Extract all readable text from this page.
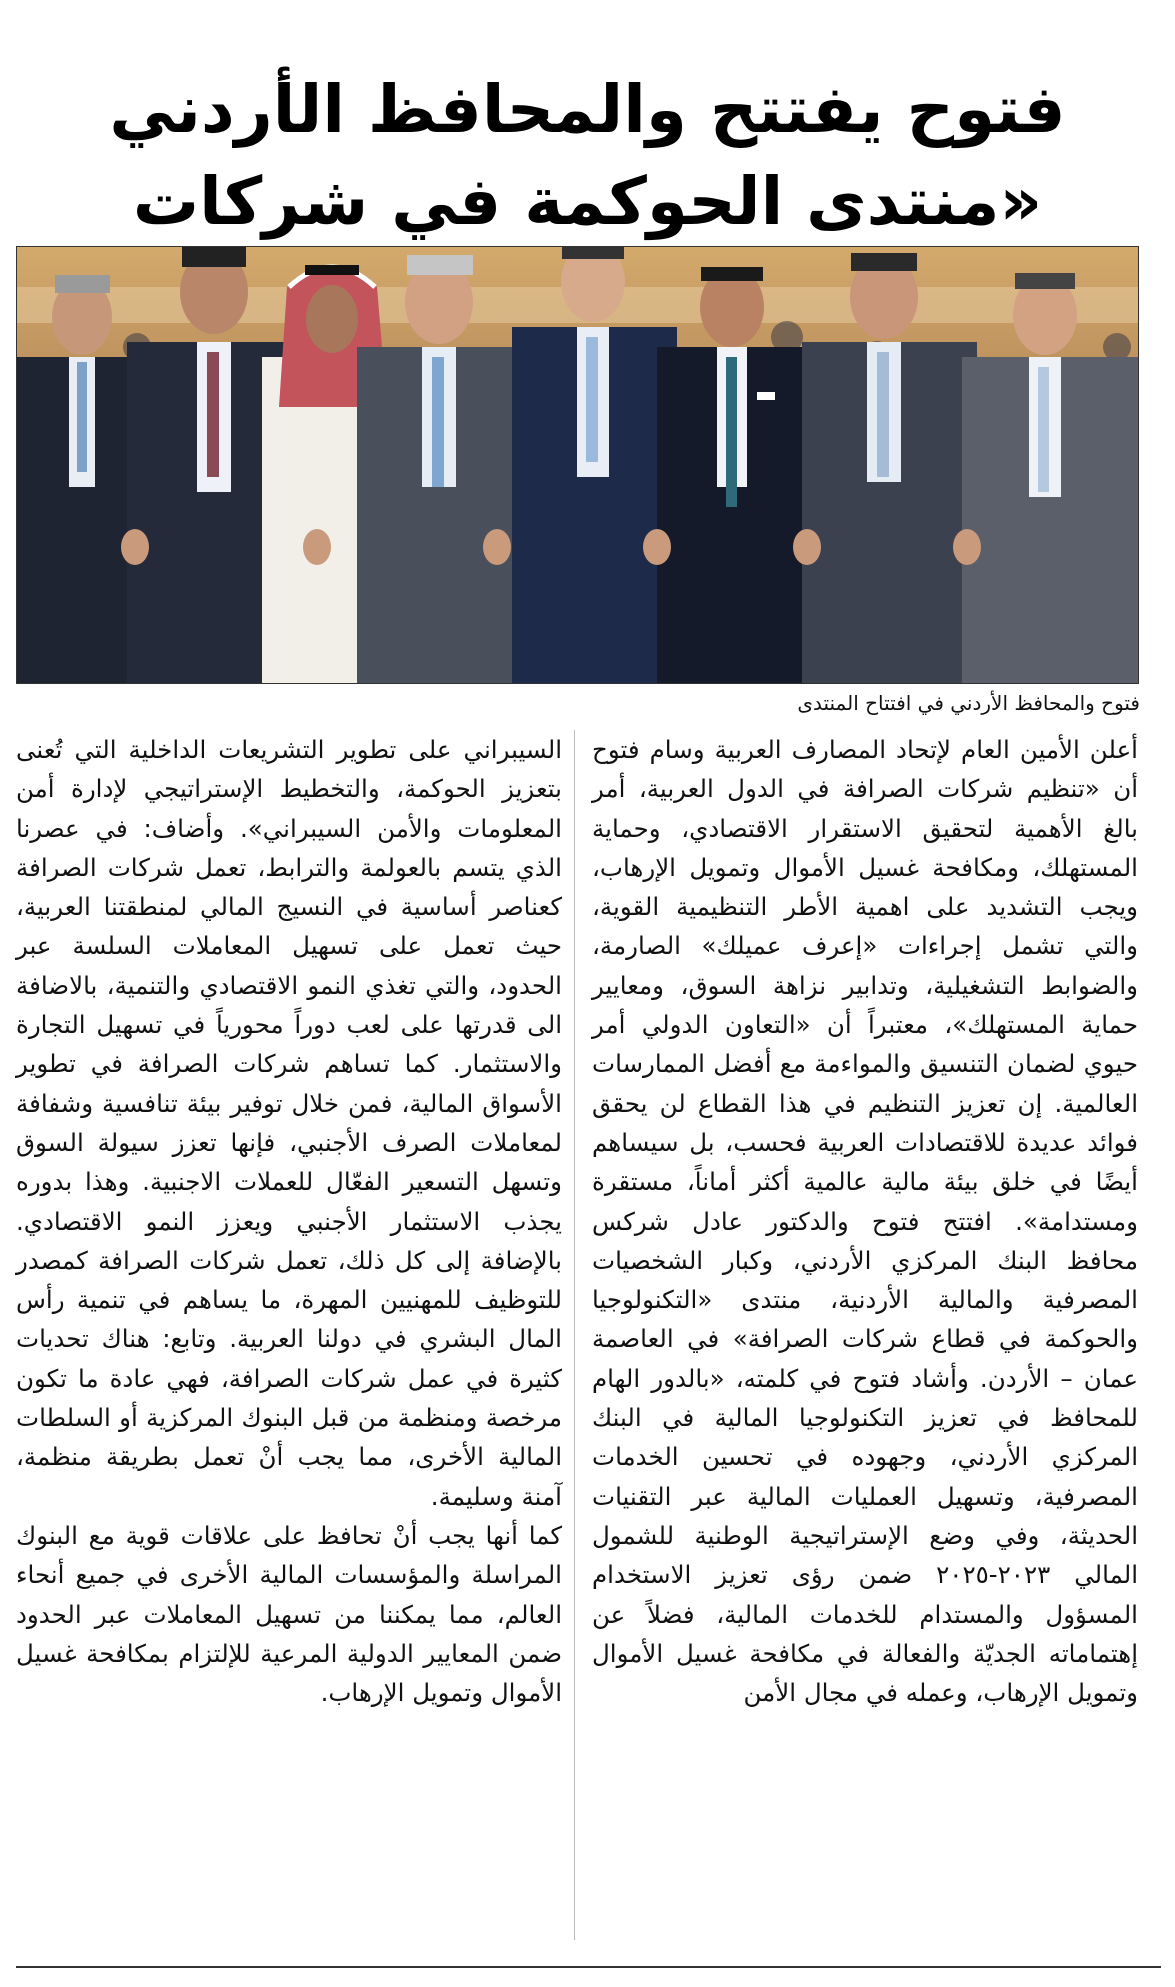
فتوح يفتتح والمحافظ الأردني
«منتدى الحوكمة في شركات
فتوح والمحافظ الأردني في افتتاح المنتدى

أعلن الأمين العام لإتحاد المصارف العربية وسام فتوح أن «تنظيم شركات الصرافة في الدول العربية، أمر بالغ الأهمية لتحقيق الاستقرار الاقتصادي، وحماية المستهلك، ومكافحة غسيل الأموال وتمويل الإرهاب، ويجب التشديد على اهمية الأطر التنظيمية القوية، والتي تشمل إجراءات «إعرف عميلك» الصارمة، والضوابط التشغيلية، وتدابير نزاهة السوق، ومعايير حماية المستهلك»، معتبراً أن «التعاون الدولي أمر حيوي لضمان التنسيق والمواءمة مع أفضل الممارسات العالمية. إن تعزيز التنظيم في هذا القطاع لن يحقق فوائد عديدة للاقتصادات العربية فحسب، بل سيساهم أيضًا في خلق بيئة مالية عالمية أكثر أماناً، مستقرة ومستدامة». افتتح فتوح والدكتور عادل شركس محافظ البنك المركزي الأردني، وكبار الشخصيات المصرفية والمالية الأردنية، منتدى «التكنولوجيا والحوكمة في قطاع شركات الصرافة» في العاصمة عمان – الأردن. وأشاد فتوح في كلمته، «بالدور الهام للمحافظ في تعزيز التكنولوجيا المالية في البنك المركزي الأردني، وجهوده في تحسين الخدمات المصرفية، وتسهيل العمليات المالية عبر التقنيات الحديثة، وفي وضع الإستراتيجية الوطنية للشمول المالي ٢٠٢٣-٢٠٢٥ ضمن رؤى تعزيز الاستخدام المسؤول والمستدام للخدمات المالية، فضلاً عن إهتماماته الجديّة والفعالة في مكافحة غسيل الأموال وتمويل الإرهاب، وعمله في مجال الأمن

السيبراني على تطوير التشريعات الداخلية التي تُعنى بتعزيز الحوكمة، والتخطيط الإستراتيجي لإدارة أمن المعلومات والأمن السيبراني». وأضاف: في عصرنا الذي يتسم بالعولمة والترابط، تعمل شركات الصرافة كعناصر أساسية في النسيج المالي لمنطقتنا العربية، حيث تعمل على تسهيل المعاملات السلسة عبر الحدود، والتي تغذي النمو الاقتصادي والتنمية، بالاضافة الى قدرتها على لعب دوراً محورياً في تسهيل التجارة والاستثمار. كما تساهم شركات الصرافة في تطوير الأسواق المالية، فمن خلال توفير بيئة تنافسية وشفافة لمعاملات الصرف الأجنبي، فإنها تعزز سيولة السوق وتسهل التسعير الفعّال للعملات الاجنبية. وهذا بدوره يجذب الاستثمار الأجنبي ويعزز النمو الاقتصادي. بالإضافة إلى كل ذلك، تعمل شركات الصرافة كمصدر للتوظيف للمهنيين المهرة، ما يساهم في تنمية رأس المال البشري في دولنا العربية. وتابع: هناك تحديات كثيرة في عمل شركات الصرافة، فهي عادة ما تكون مرخصة ومنظمة من قبل البنوك المركزية أو السلطات المالية الأخرى، مما يجب أنْ تعمل بطريقة منظمة، آمنة وسليمة.

كما أنها يجب أنْ تحافظ على علاقات قوية مع البنوك المراسلة والمؤسسات المالية الأخرى في جميع أنحاء العالم، مما يمكننا من تسهيل المعاملات عبر الحدود ضمن المعايير الدولية المرعية للإلتزام بمكافحة غسيل الأموال وتمويل الإرهاب.
